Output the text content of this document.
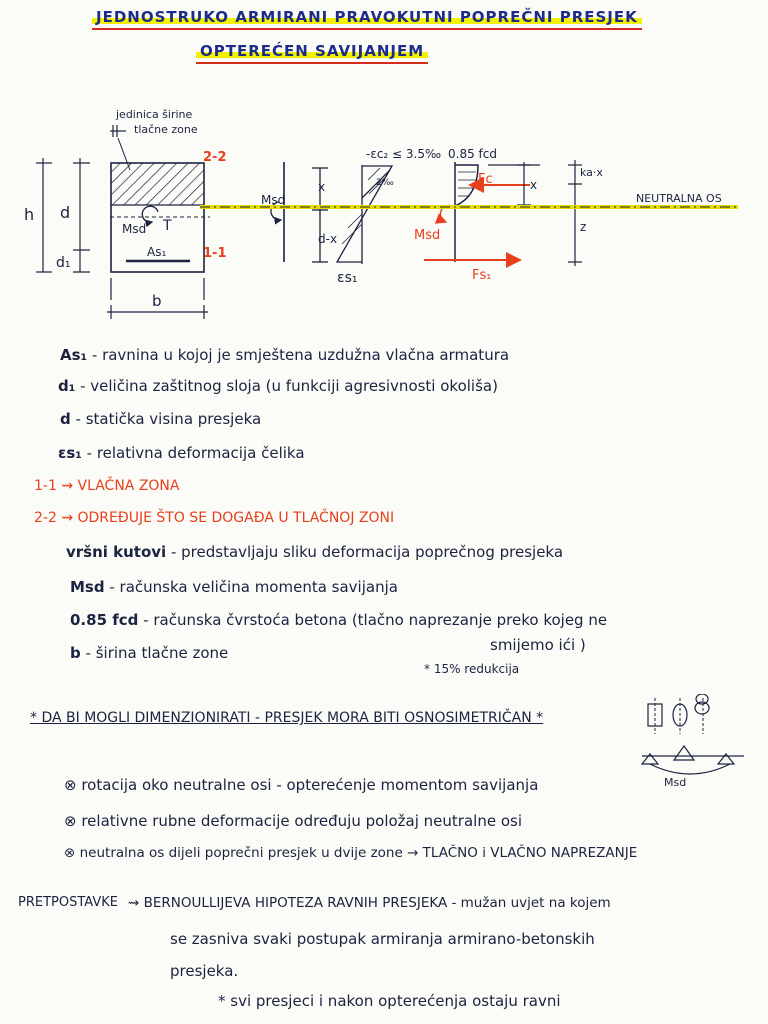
JEDNOSTRUKO ARMIRANI PRAVOKUTNI POPREČNI PRESJEK
OPTEREĆEN SAVIJANJEM
jedinica širine
tlačne zone
h d
d₁
b
Msd T
As₁
2-2
1-1
Msd
x
d-x
-εc₂ ≤ 3.5‰
2‰
εs₁
0.85 fcd
Fc
Msd
Fs₁
x
ka·x
z
NEUTRALNA OS
As₁ - ravnina u kojoj je smještena uzdužna vlačna armatura
d₁ - veličina zaštitnog sloja (u funkciji agresivnosti okoliša)
d - statička visina presjeka
εs₁ - relativna deformacija čelika
1-1 ⇝ VLAČNA ZONA
2-2 ⇝ ODREĐUJE ŠTO SE DOGAĐA U TLAČNOJ ZONI
vršni kutovi - predstavljaju sliku deformacija poprečnog presjeka
Msd - računska veličina momenta savijanja
0.85 fcd - računska čvrstoća betona (tlačno naprezanje preko kojeg ne
smijemo ići )
b - širina tlačne zone
* 15% redukcija
* DA BI MOGLI DIMENZIONIRATI - PRESJEK MORA BITI OSNOSIMETRIČAN *
Msd
⊗ rotacija oko neutralne osi - opterećenje momentom savijanja
⊗ relativne rubne deformacije određuju položaj neutralne osi
⊗ neutralna os dijeli poprečni presjek u dvije zone → TLAČNO i VLAČNO NAPREZANJE
PRETPOSTAVKE ⇝ BERNOULLIJEVA HIPOTEZA RAVNIH PRESJEKA - mužan uvjet na kojem
se zasniva svaki postupak armiranja armirano-betonskih
presjeka.
* svi presjeci i nakon opterećenja ostaju ravni
